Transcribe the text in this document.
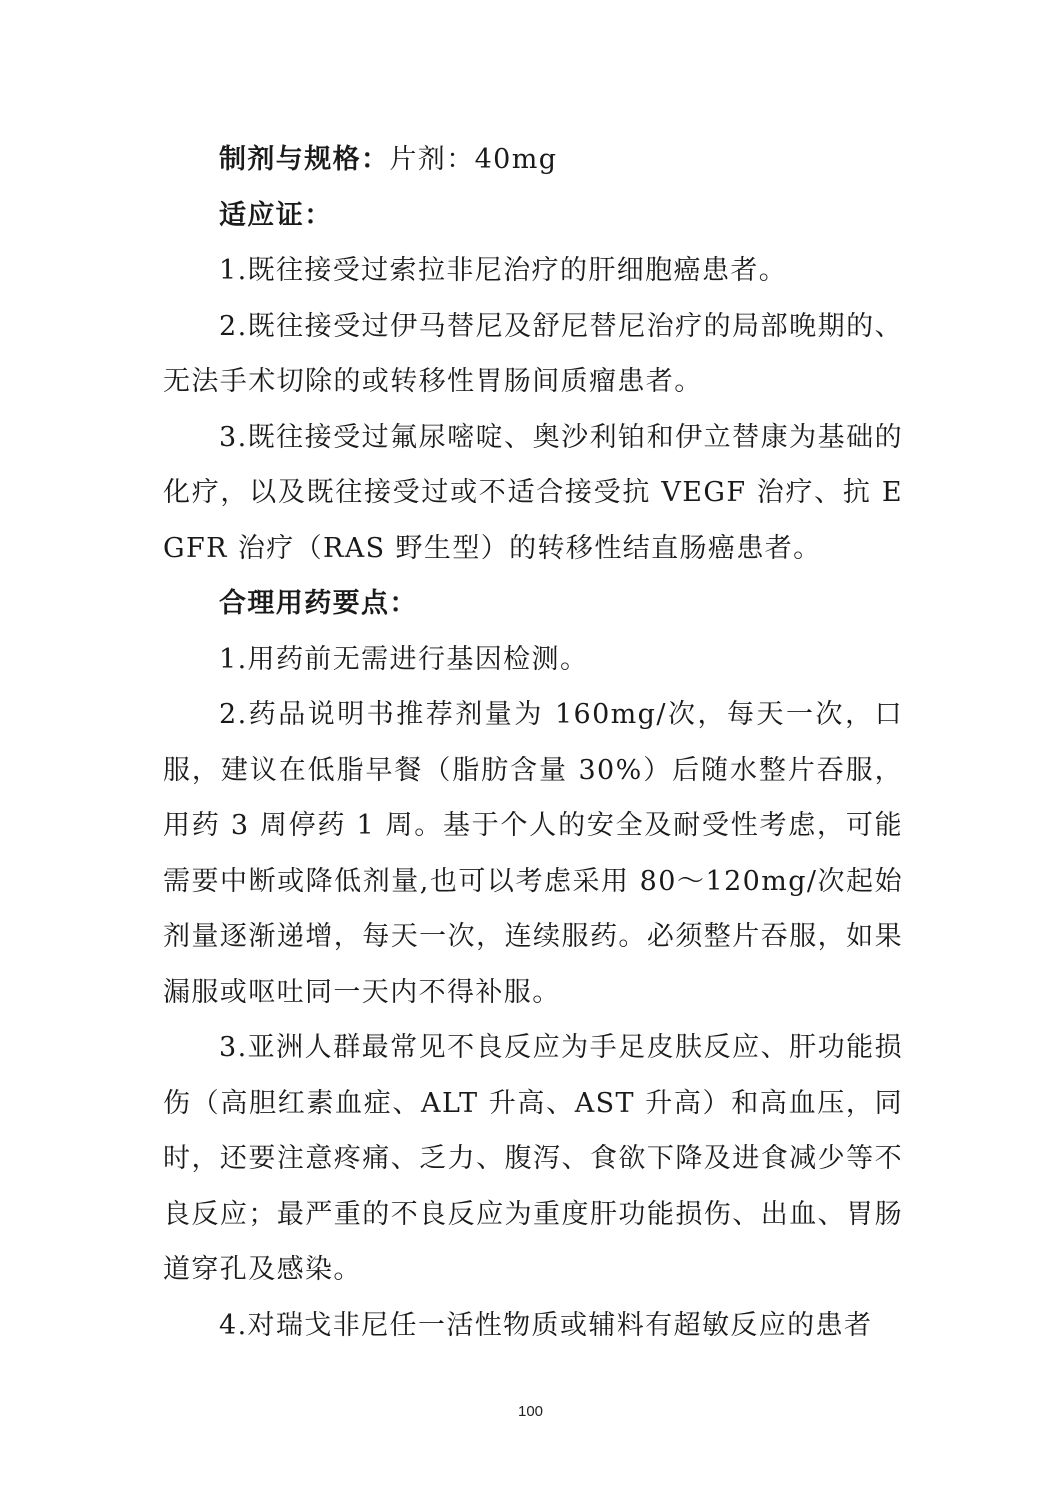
制剂与规格：片剂：40mg

适应证：

1.既往接受过索拉非尼治疗的肝细胞癌患者。

2.既往接受过伊马替尼及舒尼替尼治疗的局部晚期的、无法手术切除的或转移性胃肠间质瘤患者。

3.既往接受过氟尿嘧啶、奥沙利铂和伊立替康为基础的化疗，以及既往接受过或不适合接受抗 VEGF 治疗、抗 EGFR 治疗（RAS 野生型）的转移性结直肠癌患者。

合理用药要点：

1.用药前无需进行基因检测。

2.药品说明书推荐剂量为 160mg/次，每天一次，口服，建议在低脂早餐（脂肪含量 30%）后随水整片吞服，用药 3 周停药 1 周。基于个人的安全及耐受性考虑，可能需要中断或降低剂量,也可以考虑采用 80～120mg/次起始剂量逐渐递增，每天一次，连续服药。必须整片吞服，如果漏服或呕吐同一天内不得补服。

3.亚洲人群最常见不良反应为手足皮肤反应、肝功能损伤（高胆红素血症、ALT 升高、AST 升高）和高血压，同时，还要注意疼痛、乏力、腹泻、食欲下降及进食减少等不良反应；最严重的不良反应为重度肝功能损伤、出血、胃肠道穿孔及感染。

4.对瑞戈非尼任一活性物质或辅料有超敏反应的患者

100
